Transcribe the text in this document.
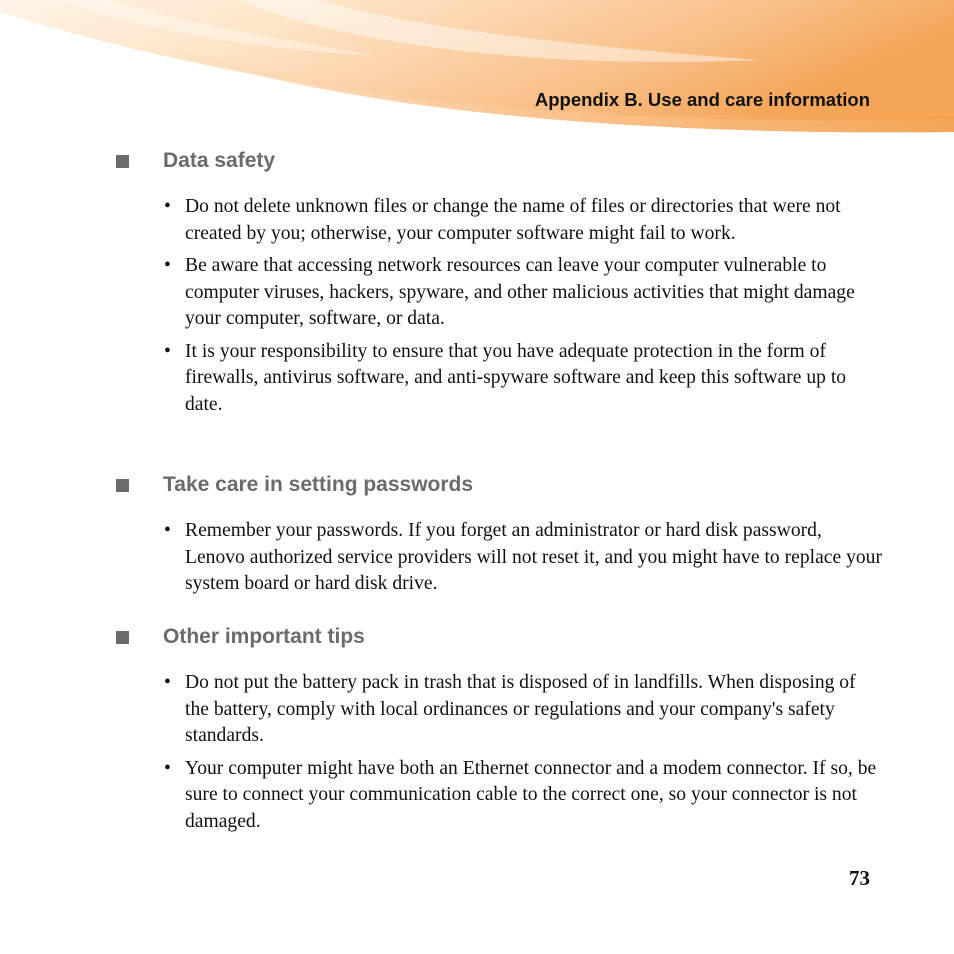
Appendix B. Use and care information
Data safety
• Do not delete unknown files or change the name of files or directories that were not created by you; otherwise, your computer software might fail to work.
• Be aware that accessing network resources can leave your computer vulnerable to computer viruses, hackers, spyware, and other malicious activities that might damage your computer, software, or data.
• It is your responsibility to ensure that you have adequate protection in the form of firewalls, antivirus software, and anti-spyware software and keep this software up to date.
Take care in setting passwords
• Remember your passwords. If you forget an administrator or hard disk password, Lenovo authorized service providers will not reset it, and you might have to replace your system board or hard disk drive.
Other important tips
• Do not put the battery pack in trash that is disposed of in landfills. When disposing of the battery, comply with local ordinances or regulations and your company's safety standards.
• Your computer might have both an Ethernet connector and a modem connector. If so, be sure to connect your communication cable to the correct one, so your connector is not damaged.
73
